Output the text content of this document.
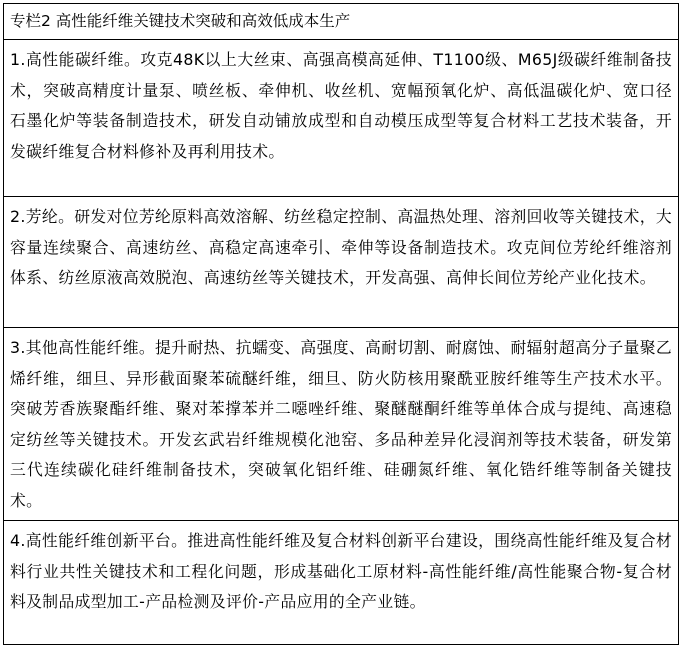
专栏2 高性能纤维关键技术突破和高效低成本生产
1.高性能碳纤维。攻克48K以上大丝束、高强高模高延伸、T1100级、M65J级碳纤维制备技术，突破高精度计量泵、喷丝板、牵伸机、收丝机、宽幅预氧化炉、高低温碳化炉、宽口径石墨化炉等装备制造技术，研发自动铺放成型和自动模压成型等复合材料工艺技术装备，开发碳纤维复合材料修补及再利用技术。
2.芳纶。研发对位芳纶原料高效溶解、纺丝稳定控制、高温热处理、溶剂回收等关键技术，大容量连续聚合、高速纺丝、高稳定高速牵引、牵伸等设备制造技术。攻克间位芳纶纤维溶剂体系、纺丝原液高效脱泡、高速纺丝等关键技术，开发高强、高伸长间位芳纶产业化技术。
3.其他高性能纤维。提升耐热、抗蠕变、高强度、高耐切割、耐腐蚀、耐辐射超高分子量聚乙烯纤维，细旦、异形截面聚苯硫醚纤维，细旦、防火防核用聚酰亚胺纤维等生产技术水平。突破芳香族聚酯纤维、聚对苯撑苯并二噁唑纤维、聚醚醚酮纤维等单体合成与提纯、高速稳定纺丝等关键技术。开发玄武岩纤维规模化池窑、多品种差异化浸润剂等技术装备，研发第三代连续碳化硅纤维制备技术，突破氧化铝纤维、硅硼氮纤维、氧化锆纤维等制备关键技术。
4.高性能纤维创新平台。推进高性能纤维及复合材料创新平台建设，围绕高性能纤维及复合材料行业共性关键技术和工程化问题，形成基础化工原材料-高性能纤维/高性能聚合物-复合材料及制品成型加工-产品检测及评价-产品应用的全产业链。
